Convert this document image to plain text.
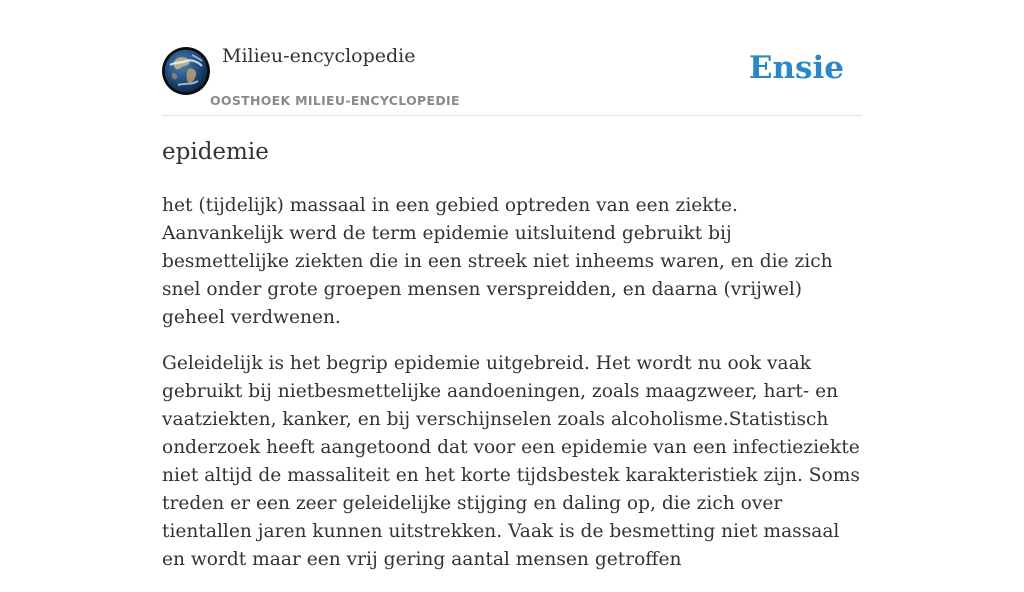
Milieu-encyclopedie
OOSTHOEK MILIEU-ENCYCLOPEDIE
Ensie
epidemie

het (tijdelijk) massaal in een gebied optreden van een ziekte. Aanvankelijk werd de term epidemie uitsluitend gebruikt bij besmettelijke ziekten die in een streek niet inheems waren, en die zich snel onder grote groepen mensen verspreidden, en daarna (vrijwel) geheel verdwenen.

Geleidelijk is het begrip epidemie uitgebreid. Het wordt nu ook vaak gebruikt bij nietbesmettelijke aandoeningen, zoals maagzweer, hart- en vaatziekten, kanker, en bij verschijnselen zoals alcoholisme.Statistisch onderzoek heeft aangetoond dat voor een epidemie van een infectieziekte niet altijd de massaliteit en het korte tijdsbestek karakteristiek zijn. Soms treden er een zeer geleidelijke stijging en daling op, die zich over tientallen jaren kunnen uitstrekken. Vaak is de besmetting niet massaal en wordt maar een vrij gering aantal mensen getroffen
